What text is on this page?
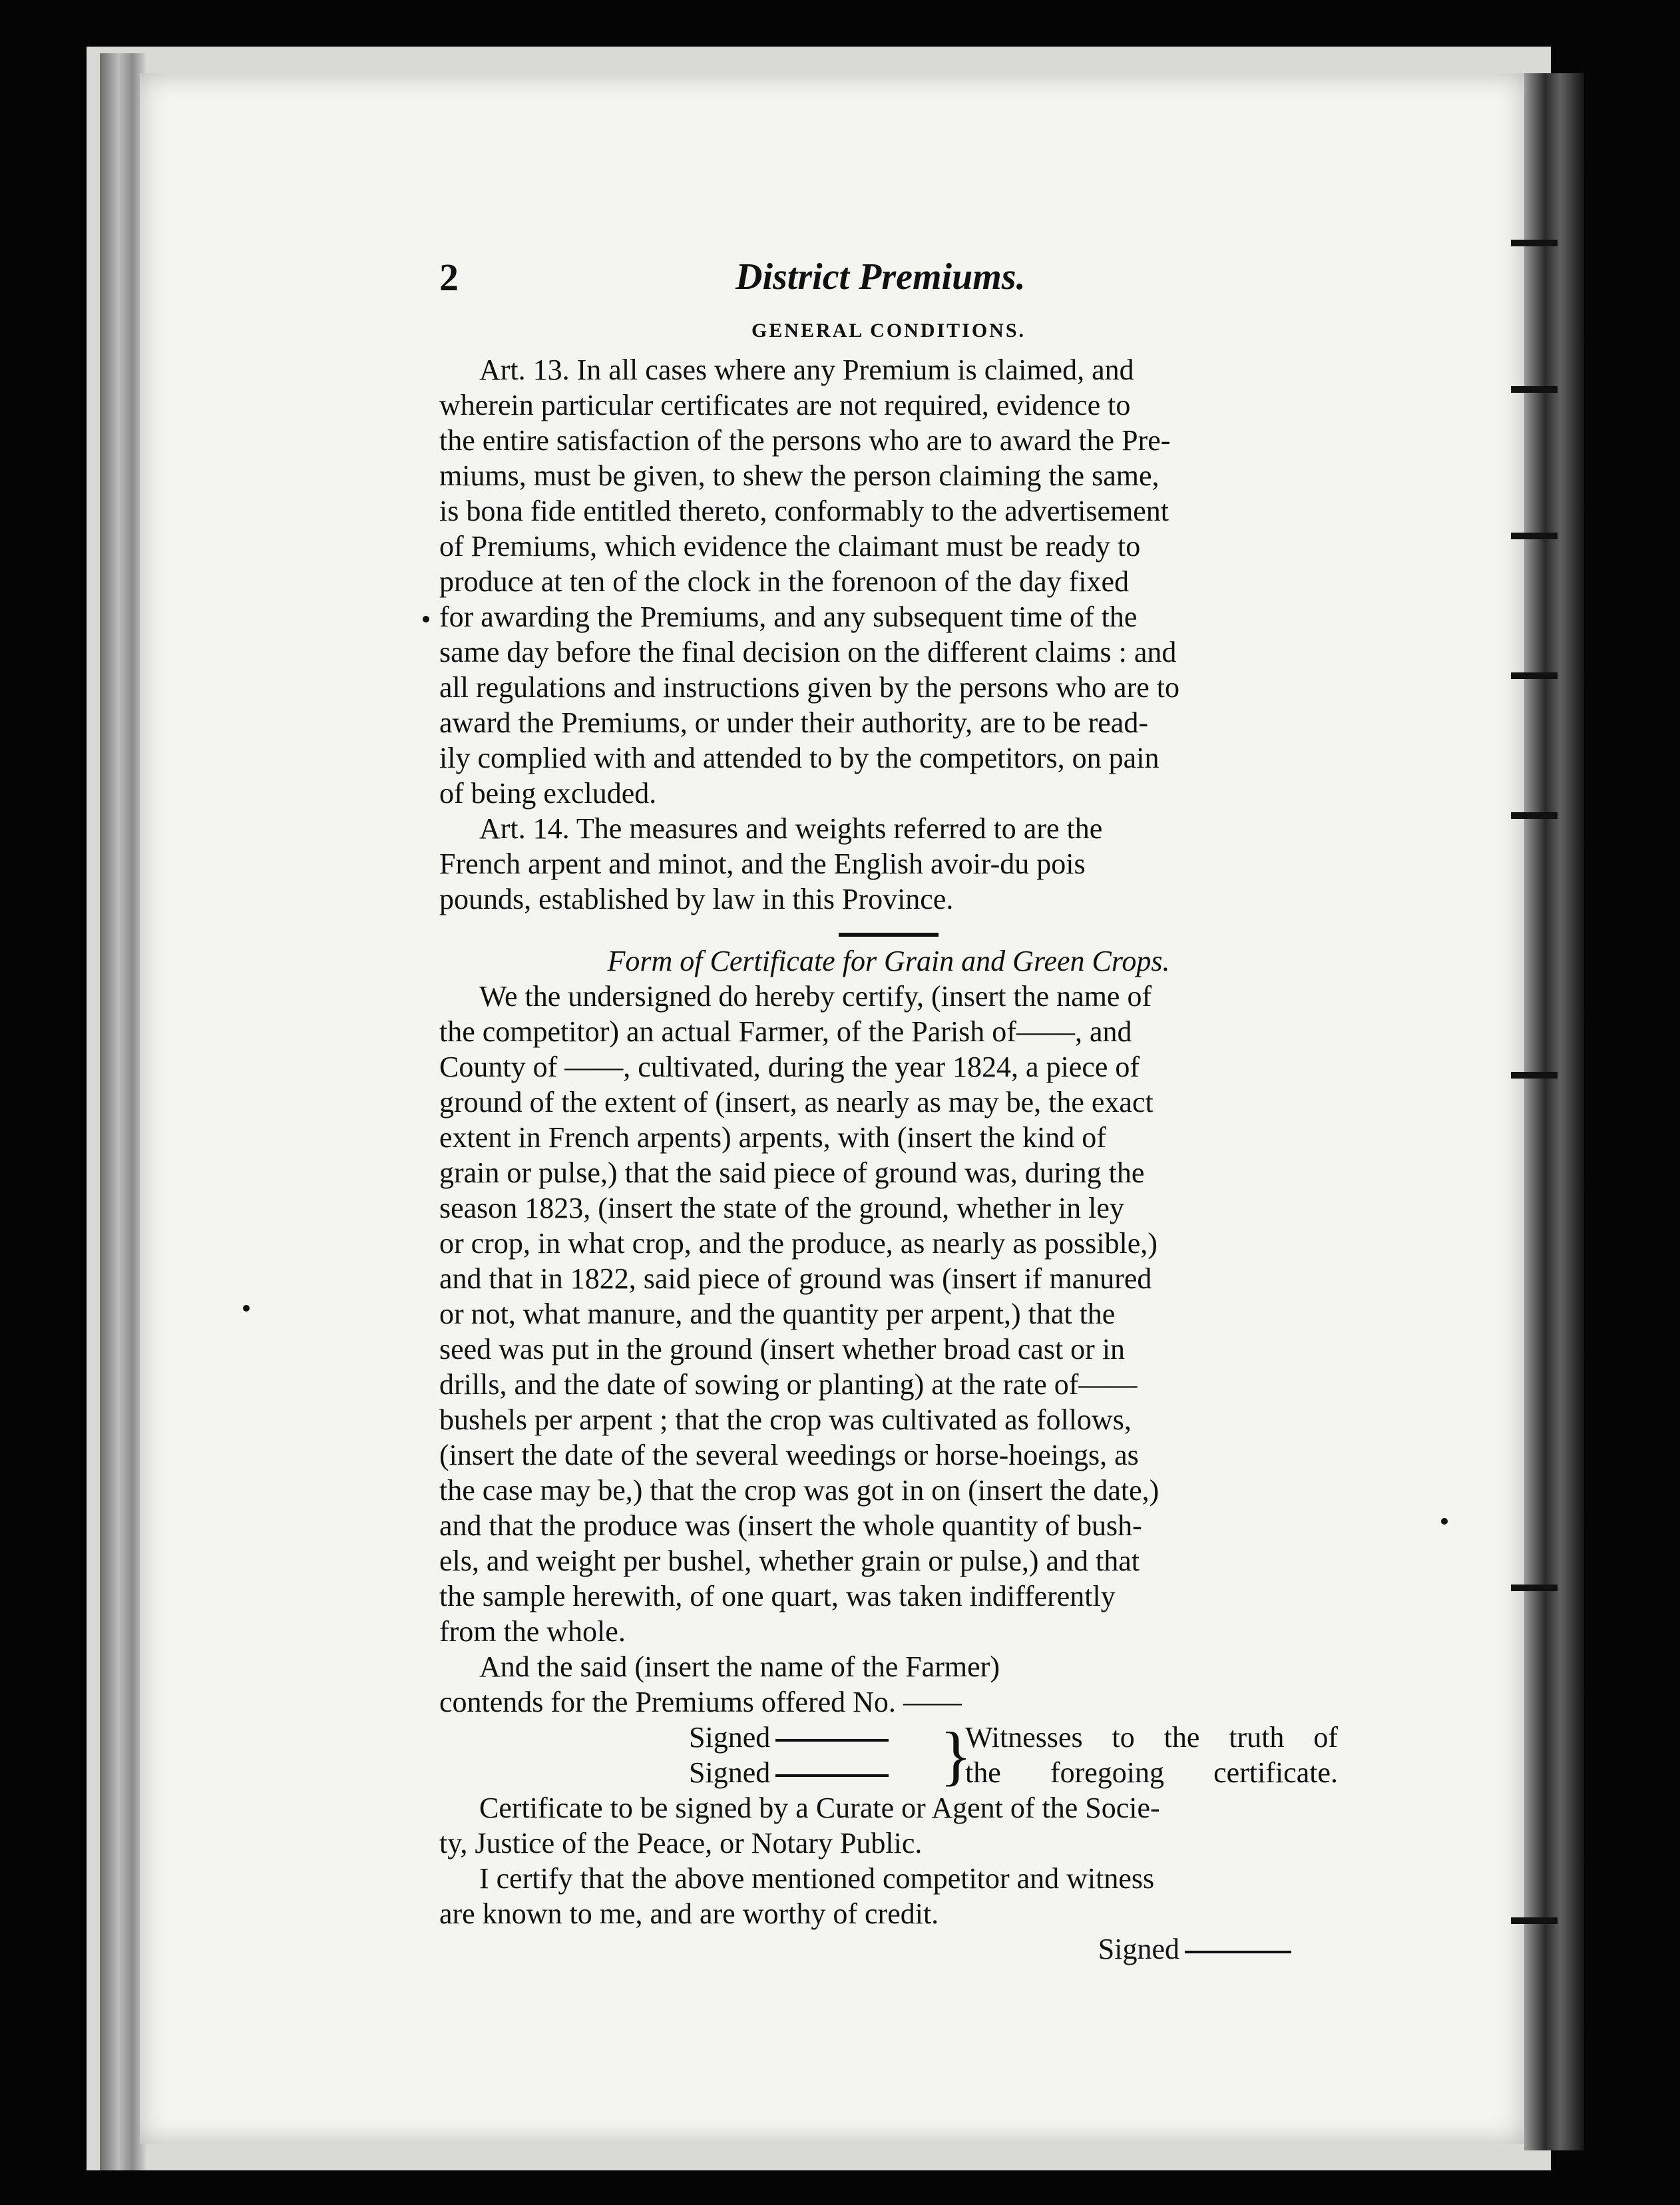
2	District Premiums.
GENERAL CONDITIONS.

Art. 13. In all cases where any Premium is claimed, and

wherein particular certificates are not required, evidence to

the entire satisfaction of the persons who are to award the Pre-

miums, must be given, to shew the person claiming the same,

is bona fide entitled thereto, conformably to the advertisement

of Premiums, which evidence the claimant must be ready to

produce at ten of the clock in the forenoon of the day fixed

for awarding the Premiums, and any subsequent time of the

same day before the final decision on the different claims : and

all regulations and instructions given by the persons who are to

award the Premiums, or under their authority, are to be read-

ily complied with and attended to by the competitors, on pain

of being excluded.

Art. 14. The measures and weights referred to are the

French arpent and minot, and the English avoir-du pois

pounds, established by law in this Province.

Form of Certificate for Grain and Green Crops.

We the undersigned do hereby certify, (insert the name of

the competitor) an actual Farmer, of the Parish of——, and

County of ——, cultivated, during the year 1824, a piece of

ground of the extent of (insert, as nearly as may be, the exact

extent in French arpents) arpents, with (insert the kind of

grain or pulse,) that the said piece of ground was, during the

season 1823, (insert the state of the ground, whether in ley

or crop, in what crop, and the produce, as nearly as possible,)

and that in 1822, said piece of ground was (insert if manured

or not, what manure, and the quantity per arpent,) that the

seed was put in the ground (insert whether broad cast or in

drills, and the date of sowing or planting) at the rate of——

bushels per arpent ; that the crop was cultivated as follows,

(insert the date of the several weedings or horse-hoeings, as

the case may be,) that the crop was got in on (insert the date,)

and that the produce was (insert the whole quantity of bush-

els, and weight per bushel, whether grain or pulse,) and that

the sample herewith, of one quart, was taken indifferently

from the whole.

And the said (insert the name of the Farmer)

contends for the Premiums offered No. ——

Signed
Signed	}
Witnesses to the truth of
the foregoing certificate.

Certificate to be signed by a Curate or Agent of the Socie-

ty, Justice of the Peace, or Notary Public.

I certify that the above mentioned competitor and witness

are known to me, and are worthy of credit.

Signed
